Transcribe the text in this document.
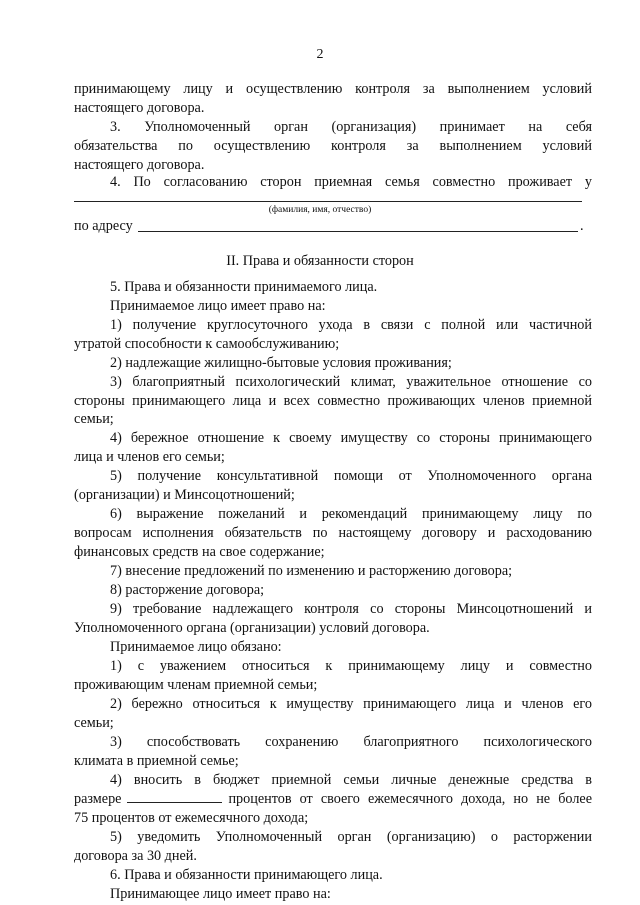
2
принимающему лицу и осуществлению контроля за выполнением условий
настоящего договора.
3. Уполномоченный орган (организация) принимает на себя
обязательства по осуществлению контроля за выполнением условий
настоящего договора.
4. По согласованию сторон приемная семья совместно проживает у
(фамилия, имя, отчество)
по адресу	.
II. Права и обязанности сторон
5. Права и обязанности принимаемого лица.
Принимаемое лицо имеет право на:
1) получение круглосуточного ухода в связи с полной или частичной
утратой способности к самообслуживанию;
2) надлежащие жилищно-бытовые условия проживания;
3) благоприятный психологический климат, уважительное отношение со
стороны принимающего лица и всех совместно проживающих членов приемной
семьи;
4) бережное отношение к своему имуществу со стороны принимающего
лица и членов его семьи;
5) получение консультативной помощи от Уполномоченного органа
(организации) и Минсоцотношений;
6) выражение пожеланий и рекомендаций принимающему лицу по
вопросам исполнения обязательств по настоящему договору и расходованию
финансовых средств на свое содержание;
7) внесение предложений по изменению и расторжению договора;
8) расторжение договора;
9) требование надлежащего контроля со стороны Минсоцотношений и
Уполномоченного органа (организации) условий договора.
Принимаемое лицо обязано:
1) с уважением относиться к принимающему лицу и совместно
проживающим членам приемной семьи;
2) бережно относиться к имуществу принимающего лица и членов его
семьи;
3) способствовать сохранению благоприятного психологического
климата в приемной семье;
4) вносить в бюджет приемной семьи личные денежные средства в
размере	процентов от своего ежемесячного дохода, но не более
75 процентов от ежемесячного дохода;
5) уведомить Уполномоченный орган (организацию) о расторжении
договора за 30 дней.
6. Права и обязанности принимающего лица.
Принимающее лицо имеет право на:
